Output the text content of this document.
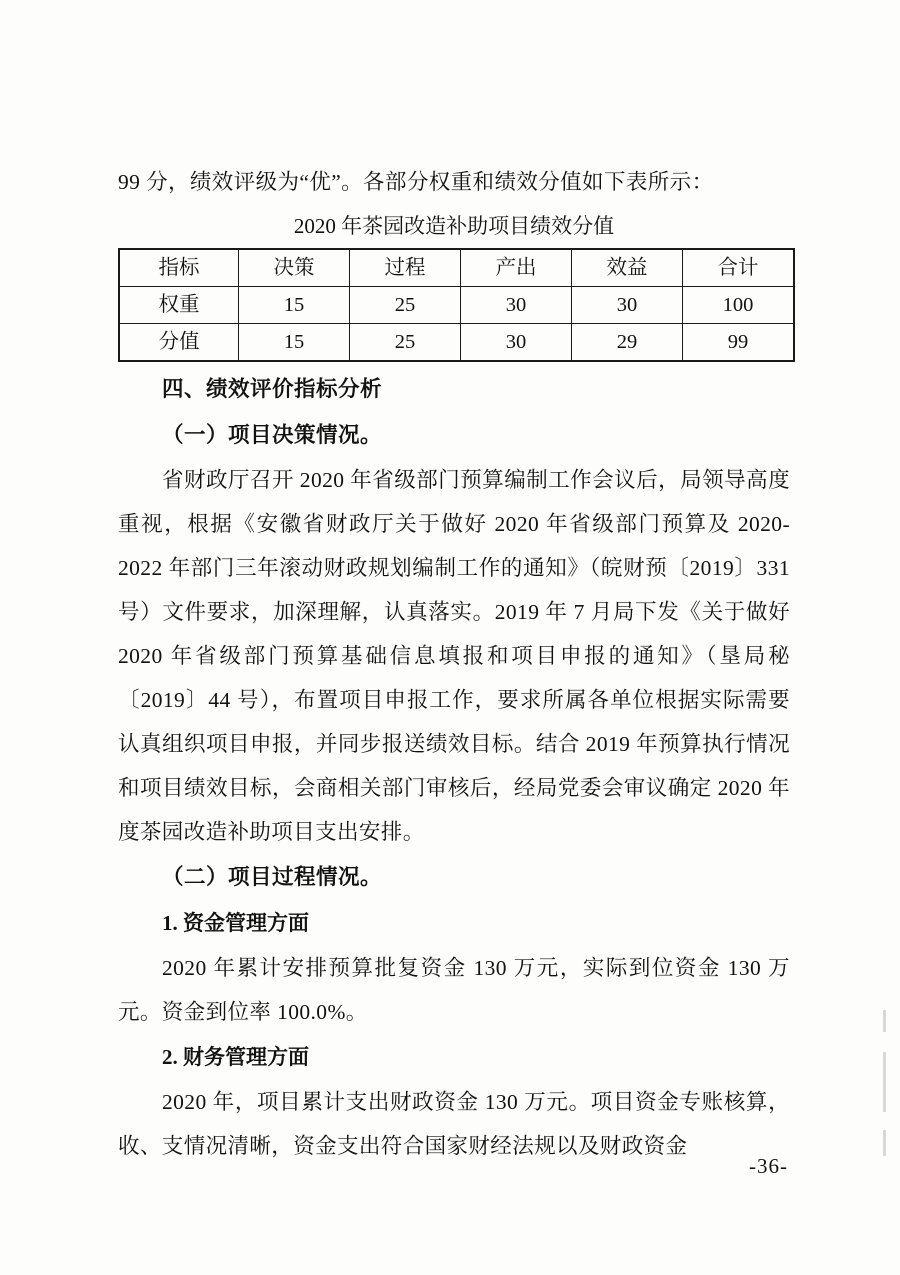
99 分，绩效评级为“优”。各部分权重和绩效分值如下表所示：

2020 年茶园改造补助项目绩效分值
指标	决策	过程	产出	效益	合计
权重	15	25	30	30	100
分值	15	25	30	29	99

四、绩效评价指标分析

（一）项目决策情况。

省财政厅召开 2020 年省级部门预算编制工作会议后，局领导高度重视，根据《安徽省财政厅关于做好 2020 年省级部门预算及 2020-2022 年部门三年滚动财政规划编制工作的通知》（皖财预〔2019〕331 号）文件要求，加深理解，认真落实。2019 年 7 月局下发《关于做好 2020 年省级部门预算基础信息填报和项目申报的通知》（垦局秘〔2019〕44 号），布置项目申报工作，要求所属各单位根据实际需要认真组织项目申报，并同步报送绩效目标。结合 2019 年预算执行情况和项目绩效目标，会商相关部门审核后，经局党委会审议确定 2020 年度茶园改造补助项目支出安排。

（二）项目过程情况。

1. 资金管理方面

2020 年累计安排预算批复资金 130 万元，实际到位资金 130 万元。资金到位率 100.0%。

2. 财务管理方面

2020 年，项目累计支出财政资金 130 万元。项目资金专账核算，收、支情况清晰，资金支出符合国家财经法规以及财政资金

-36-
